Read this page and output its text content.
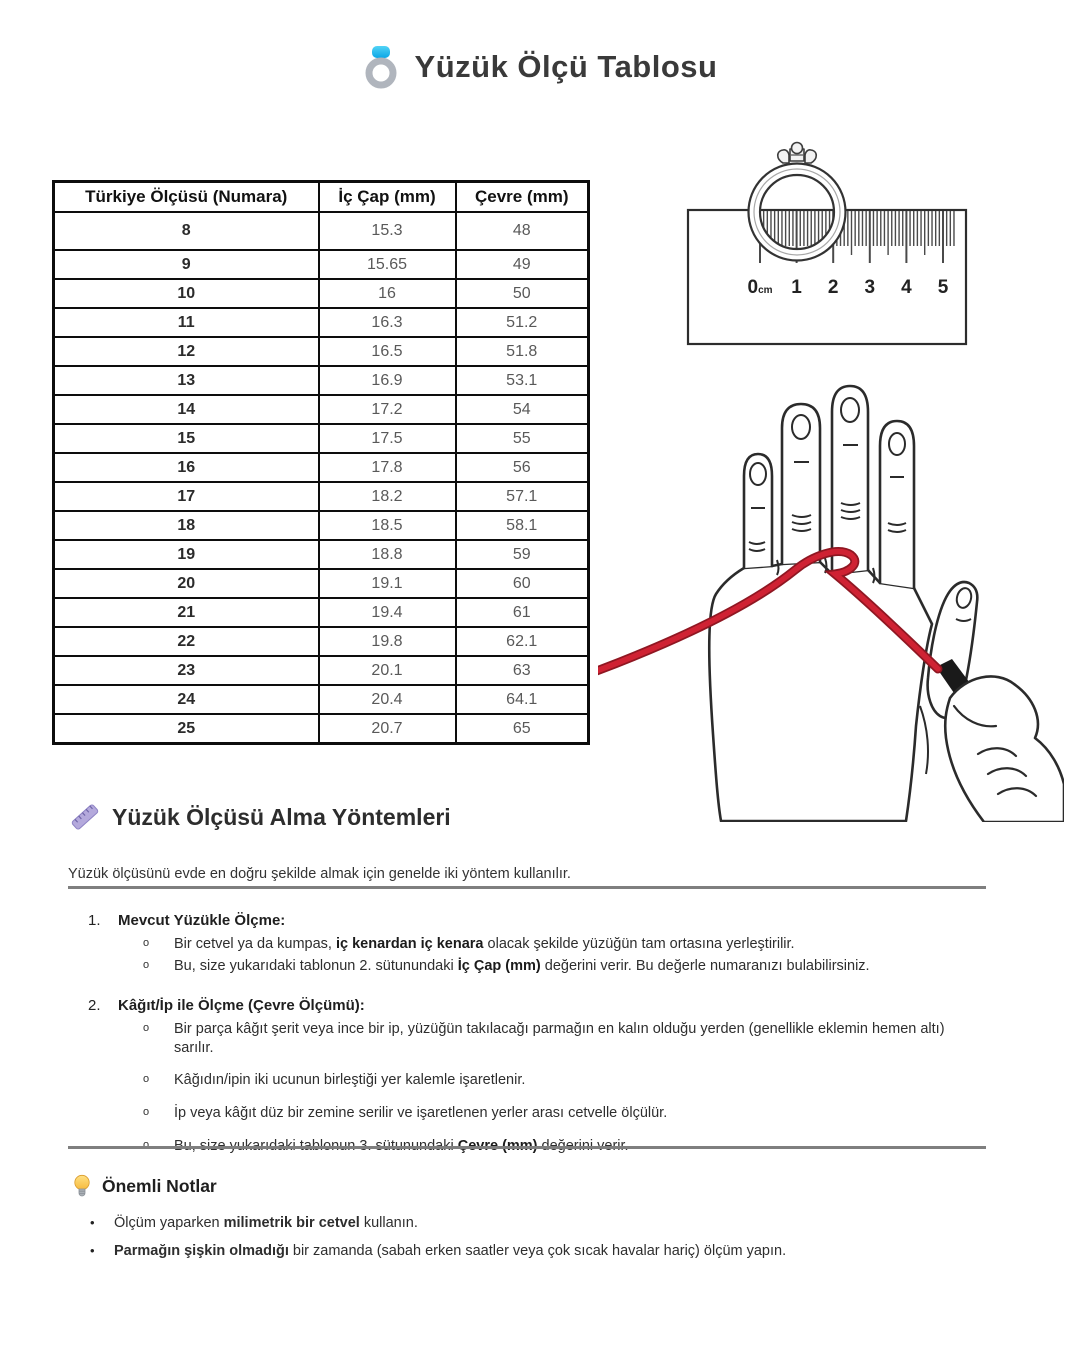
Yüzük Ölçü Tablosu
Türkiye Ölçüsü (Numara)	İç Çap (mm)	Çevre (mm)
8	15.3	48
9	15.65	49
10	16	50
11	16.3	51.2
12	16.5	51.8
13	16.9	53.1
14	17.2	54
15	17.5	55
16	17.8	56
17	18.2	57.1
18	18.5	58.1
19	18.8	59
20	19.1	60
21	19.4	61
22	19.8	62.1
23	20.1	63
24	20.4	64.1
25	20.7	65
0cm 1 2 3 4 5
Yüzük Ölçüsü Alma Yöntemleri

Yüzük ölçüsünü evde en doğru şekilde almak için genelde iki yöntem kullanılır.

1.	Mevcut Yüzükle Ölçme:

o	Bir cetvel ya da kumpas, iç kenardan iç kenara olacak şekilde yüzüğün tam ortasına yerleştirilir.
o	Bu, size yukarıdaki tablonun 2. sütunundaki İç Çap (mm) değerini verir. Bu değerle numaranızı bulabilirsiniz.
2.	Kâğıt/İp ile Ölçme (Çevre Ölçümü):

o	Bir parça kâğıt şerit veya ince bir ip, yüzüğün takılacağı parmağın en kalın olduğu yerden (genellikle eklemin hemen altı) sarılır.
o	Kâğıdın/ipin iki ucunun birleştiği yer kalemle işaretlenir.
o	İp veya kâğıt düz bir zemine serilir ve işaretlenen yerler arası cetvelle ölçülür.
Önemli Notlar
•	Ölçüm yaparken milimetrik bir cetvel kullanın.
•	Parmağın şişkin olmadığı bir zamanda (sabah erken saatler veya çok sıcak havalar hariç) ölçüm yapın.
